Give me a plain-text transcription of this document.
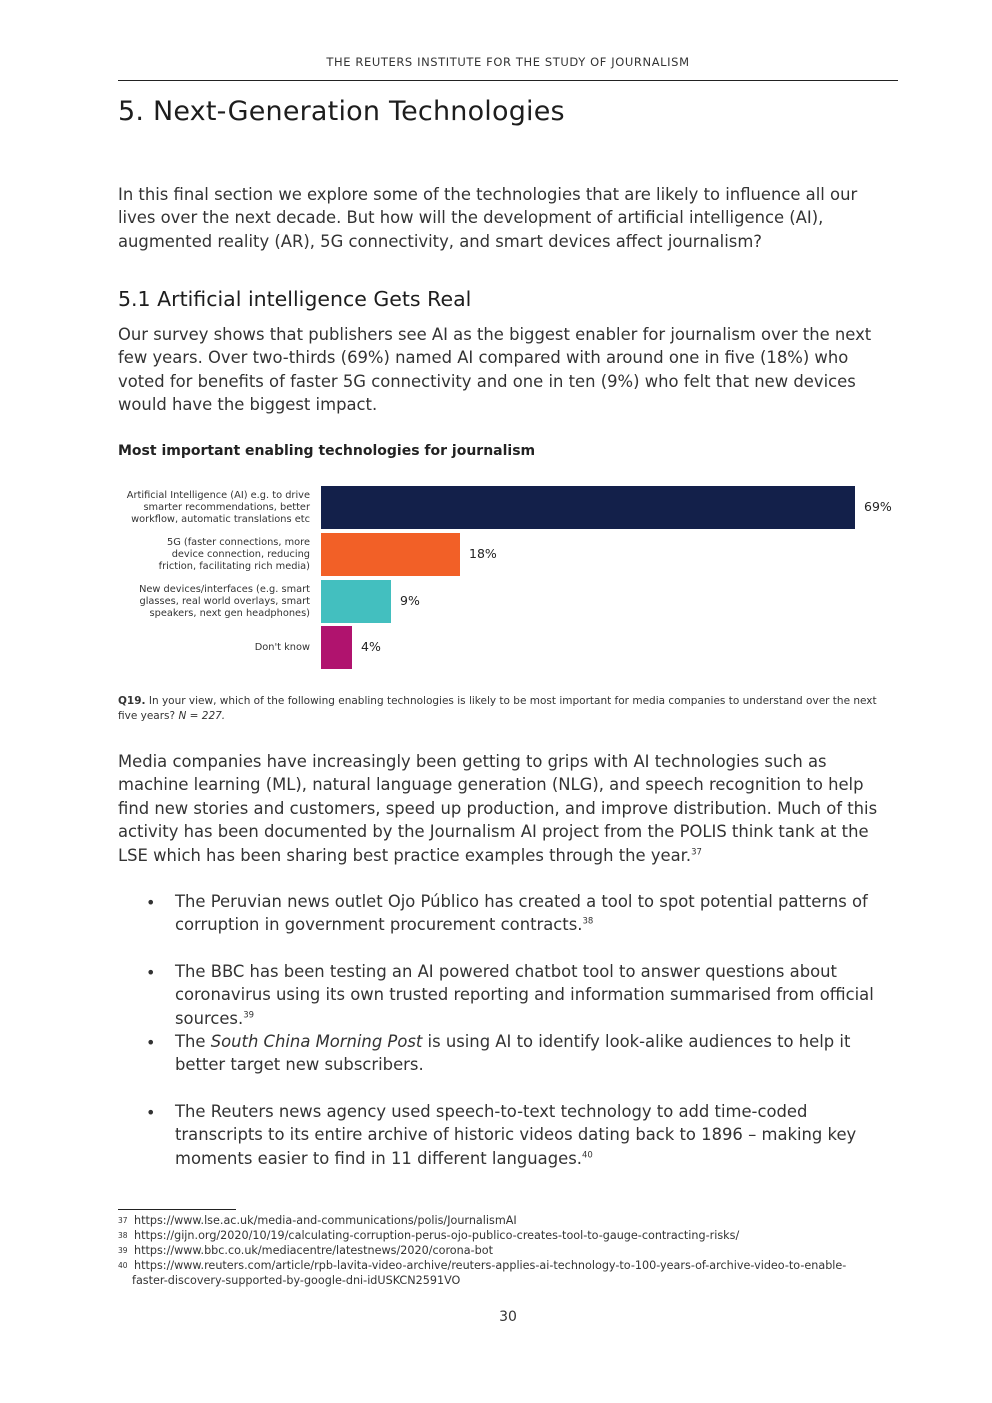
THE REUTERS INSTITUTE FOR THE STUDY OF JOURNALISM
5. Next-Generation Technologies

In this final section we explore some of the technologies that are likely to influence all our lives over the next decade. But how will the development of artificial intelligence (AI), augmented reality (AR), 5G connectivity, and smart devices affect journalism?

5.1 Artificial intelligence Gets Real

Our survey shows that publishers see AI as the biggest enabler for journalism over the next few years. Over two-thirds (69%) named AI compared with around one in five (18%) who voted for benefits of faster 5G connectivity and one in ten (9%) who felt that new devices would have the biggest impact.

Most important enabling technologies for journalism
Artificial Intelligence (AI) e.g. to drive
smarter recommendations, better
workflow, automatic translations etc
69%
5G (faster connections, more
device connection, reducing
friction, facilitating rich media)
18%
New devices/interfaces (e.g. smart
glasses, real world overlays, smart
speakers, next gen headphones)
9%
Don't know	4%
Q19. In your view, which of the following enabling technologies is likely to be most important for media companies to understand over the next five years? N = 227.

Media companies have increasingly been getting to grips with AI technologies such as machine learning (ML), natural language generation (NLG), and speech recognition to help find new stories and customers, speed up production, and improve distribution. Much of this activity has been documented by the Journalism AI project from the POLIS think tank at the LSE which has been sharing best practice examples through the year.$^{37}$

• The Peruvian news outlet Ojo Público has created a tool to spot potential patterns of corruption in government procurement contracts.$^{38}$

• The BBC has been testing an AI powered chatbot tool to answer questions about coronavirus using its own trusted reporting and information summarised from official sources.$^{39}$

• The South China Morning Post is using AI to identify look-alike audiences to help it better target new subscribers.

• The Reuters news agency used speech-to-text technology to add time-coded transcripts to its entire archive of historic videos dating back to 1896 – making key moments easier to find in 11 different languages.$^{40}$

37 https://www.lse.ac.uk/media-and-communications/polis/JournalismAI
38 https://gijn.org/2020/10/19/calculating-corruption-perus-ojo-publico-creates-tool-to-gauge-contracting-risks/
39 https://www.bbc.co.uk/mediacentre/latestnews/2020/corona-bot
40 https://www.reuters.com/article/rpb-lavita-video-archive/reuters-applies-ai-technology-to-100-years-of-archive-video-to-enable-
faster-discovery-supported-by-google-dni-idUSKCN2591VO
30
